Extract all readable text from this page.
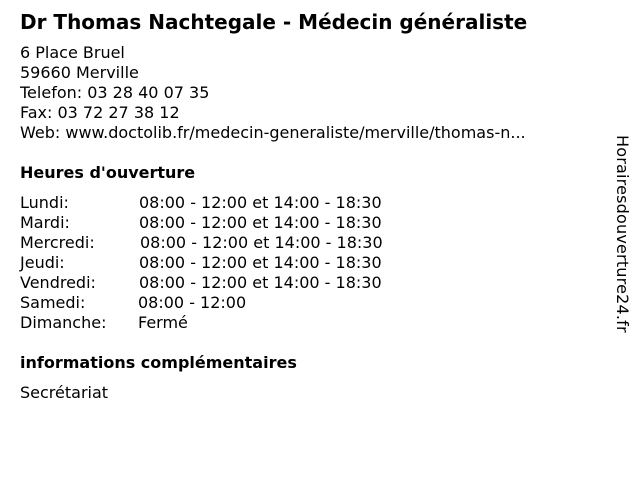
Dr Thomas Nachtegale - Médecin généraliste
6 Place Bruel
59660 Merville
Telefon: 03 28 40 07 35
Fax: 03 72 27 38 12
Web: www.doctolib.fr/medecin-generaliste/merville/thomas-n...
Heures d'ouverture
Lundi:	08:00 - 12:00 et 14:00 - 18:30
Mardi:	08:00 - 12:00 et 14:00 - 18:30
Mercredi:	08:00 - 12:00 et 14:00 - 18:30
Jeudi:	08:00 - 12:00 et 14:00 - 18:30
Vendredi:	08:00 - 12:00 et 14:00 - 18:30
Samedi:	08:00 - 12:00
Dimanche:	Fermé
informations complémentaires
Secrétariat
Horairesdouverture24.fr
